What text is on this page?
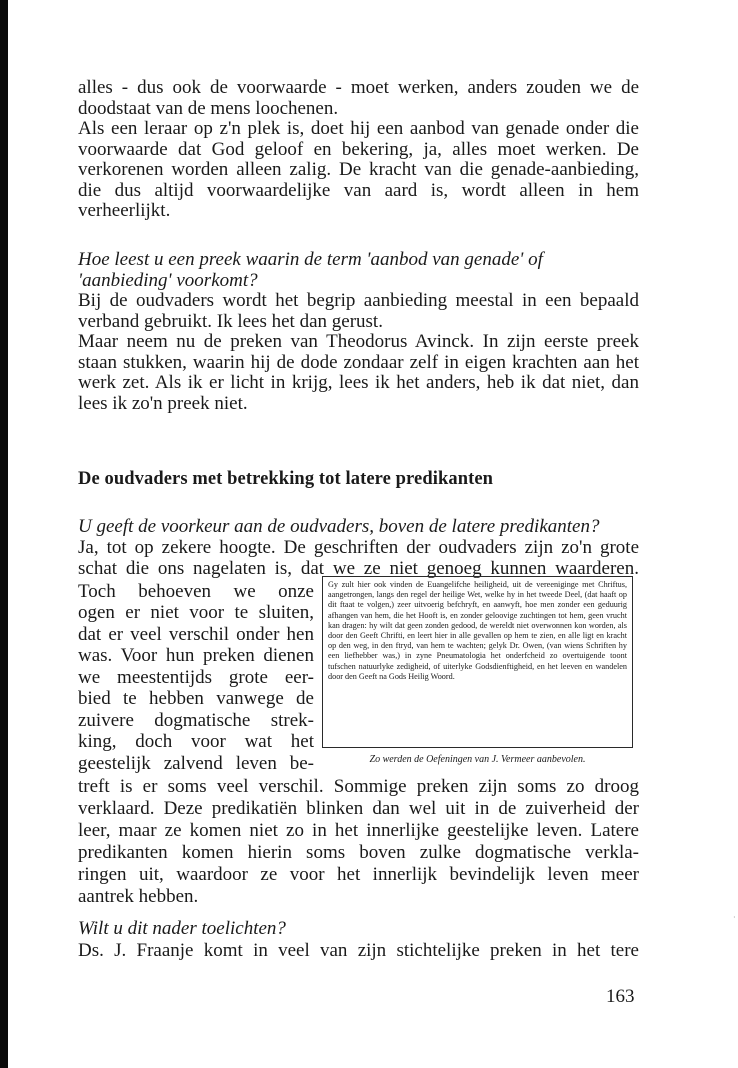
alles - dus ook de voorwaarde - moet werken, anders zouden we de doodstaat van de mens loochenen.

Als een leraar op z'n plek is, doet hij een aanbod van genade onder die voorwaarde dat God geloof en bekering, ja, alles moet werken. De verkorenen worden alleen zalig. De kracht van die genade-aanbieding, die dus altijd voorwaardelijke van aard is, wordt alleen in hem verheerlijkt.

Hoe leest u een preek waarin de term 'aanbod van genade' of 'aanbieding' voorkomt?

Bij de oudvaders wordt het begrip aanbieding meestal in een bepaald verband gebruikt. Ik lees het dan gerust.

Maar neem nu de preken van Theodorus Avinck. In zijn eerste preek staan stukken, waarin hij de dode zondaar zelf in eigen krachten aan het werk zet. Als ik er licht in krijg, lees ik het anders, heb ik dat niet, dan lees ik zo'n preek niet.

De oudvaders met betrekking tot latere predikanten
U geeft de voorkeur aan de oudvaders, boven de latere predikanten?
Ja, tot op zekere hoogte. De geschriften der oudvaders zijn zo'n grote
schat die ons nagelaten is, dat we ze niet genoeg kunnen waarderen.
Toch behoeven we onze
ogen er niet voor te sluiten,
dat er veel verschil onder hen
was. Voor hun preken dienen
we meestentijds grote eer-
bied te hebben vanwege de
zuivere dogmatische strek-
king, doch voor wat het
geestelijk zalvend leven be-
Gy zult hier ook vinden de Euangelifche heiligheid, uit de vereeniginge met Chriftus, aangetrongen, langs den regel der heilige Wet, welke hy in het tweede Deel, (dat haaft op dit ftaat te volgen,) zeer uitvoerig befchryft, en aanwyft, hoe men zonder een geduurig afhangen van hem, die het Hooft is, en zonder geloovige zuchtingen tot hem, geen vrucht kan dragen: hy wilt dat geen zonden gedood, de wereldt niet overwonnen kon worden, als door den Geeft Chrifti, en leert hier in alle gevallen op hem te zien, en alle ligt en kracht op den weg, in den ftryd, van hem te wachten; gelyk Dr. Owen, (van wiens Schriften hy een liefhebber was,) in zyne Pneumatologia het onderfcheid zo overtuigende toont tufschen natuurlyke zedigheid, of uiterlyke Godsdienftigheid, en het leeven en wandelen door den Geeft na Gods Heilig Woord.
Zo werden de Oefeningen van J. Vermeer aanbevolen.
treft is er soms veel verschil. Sommige preken zijn soms zo droog
verklaard. Deze predikatiën blinken dan wel uit in de zuiverheid der
leer, maar ze komen niet zo in het innerlijke geestelijke leven. Latere
predikanten komen hierin soms boven zulke dogmatische verkla-
ringen uit, waardoor ze voor het innerlijk bevindelijk leven meer
aantrek hebben.
Wilt u dit nader toelichten?
Ds. J. Fraanje komt in veel van zijn stichtelijke preken in het tere
163
·
